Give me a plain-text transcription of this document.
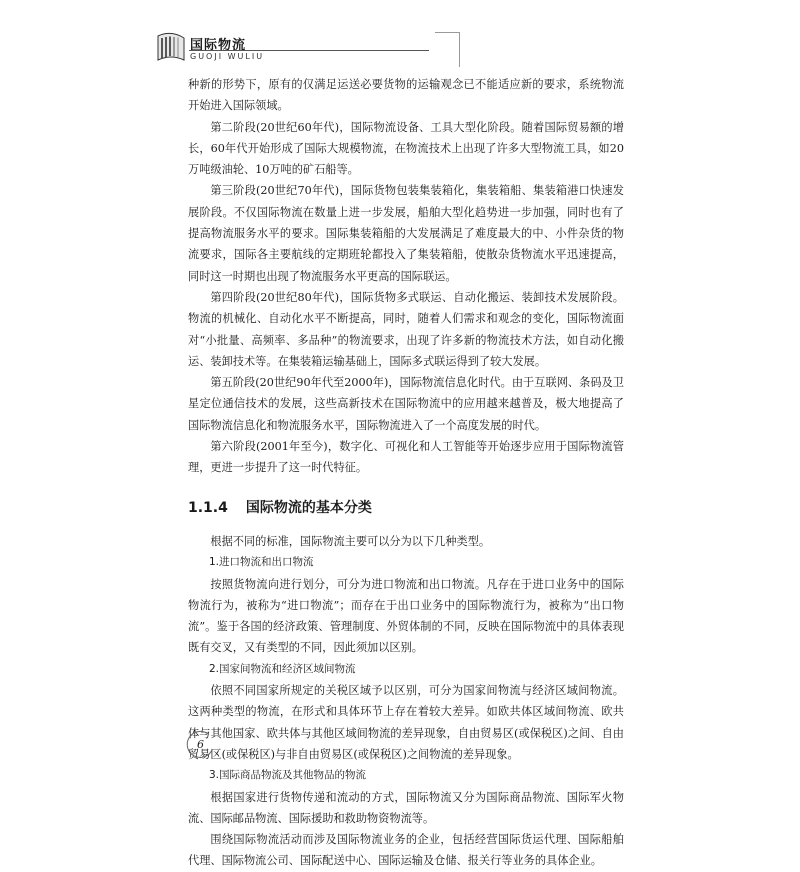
国际物流
GUOJI WULIU

种新的形势下，原有的仅满足运送必要货物的运输观念已不能适应新的要求，系统物流开始进入国际领域。

第二阶段(20世纪60年代)，国际物流设备、工具大型化阶段。随着国际贸易额的增长，60年代开始形成了国际大规模物流，在物流技术上出现了许多大型物流工具，如20万吨级油轮、10万吨的矿石船等。

第三阶段(20世纪70年代)，国际货物包装集装箱化，集装箱船、集装箱港口快速发展阶段。不仅国际物流在数量上进一步发展，船舶大型化趋势进一步加强，同时也有了提高物流服务水平的要求。国际集装箱船的大发展满足了难度最大的中、小件杂货的物流要求，国际各主要航线的定期班轮都投入了集装箱船，使散杂货物流水平迅速提高，同时这一时期也出现了物流服务水平更高的国际联运。

第四阶段(20世纪80年代)，国际货物多式联运、自动化搬运、装卸技术发展阶段。物流的机械化、自动化水平不断提高，同时，随着人们需求和观念的变化，国际物流面对“小批量、高频率、多品种”的物流要求，出现了许多新的物流技术方法，如自动化搬运、装卸技术等。在集装箱运输基础上，国际多式联运得到了较大发展。

第五阶段(20世纪90年代至2000年)，国际物流信息化时代。由于互联网、条码及卫星定位通信技术的发展，这些高新技术在国际物流中的应用越来越普及，极大地提高了国际物流信息化和物流服务水平，国际物流进入了一个高度发展的时代。

第六阶段(2001年至今)，数字化、可视化和人工智能等开始逐步应用于国际物流管理，更进一步提升了这一时代特征。

1.1.4 国际物流的基本分类

根据不同的标准，国际物流主要可以分为以下几种类型。

1.进口物流和出口物流

按照货物流向进行划分，可分为进口物流和出口物流。凡存在于进口业务中的国际物流行为，被称为“进口物流”；而存在于出口业务中的国际物流行为，被称为“出口物流”。鉴于各国的经济政策、管理制度、外贸体制的不同，反映在国际物流中的具体表现既有交叉，又有类型的不同，因此须加以区别。

2.国家间物流和经济区域间物流

依照不同国家所规定的关税区域予以区别，可分为国家间物流与经济区域间物流。这两种类型的物流，在形式和具体环节上存在着较大差异。如欧共体区域间物流、欧共体与其他国家、欧共体与其他区域间物流的差异现象，自由贸易区(或保税区)之间、自由贸易区(或保税区)与非自由贸易区(或保税区)之间物流的差异现象。

3.国际商品物流及其他物品的物流

根据国家进行货物传递和流动的方式，国际物流又分为国际商品物流、国际军火物流、国际邮品物流、国际援助和救助物资物流等。

围绕国际物流活动而涉及国际物流业务的企业，包括经营国际货运代理、国际船舶代理、国际物流公司、国际配送中心、国际运输及仓储、报关行等业务的具体企业。

6
